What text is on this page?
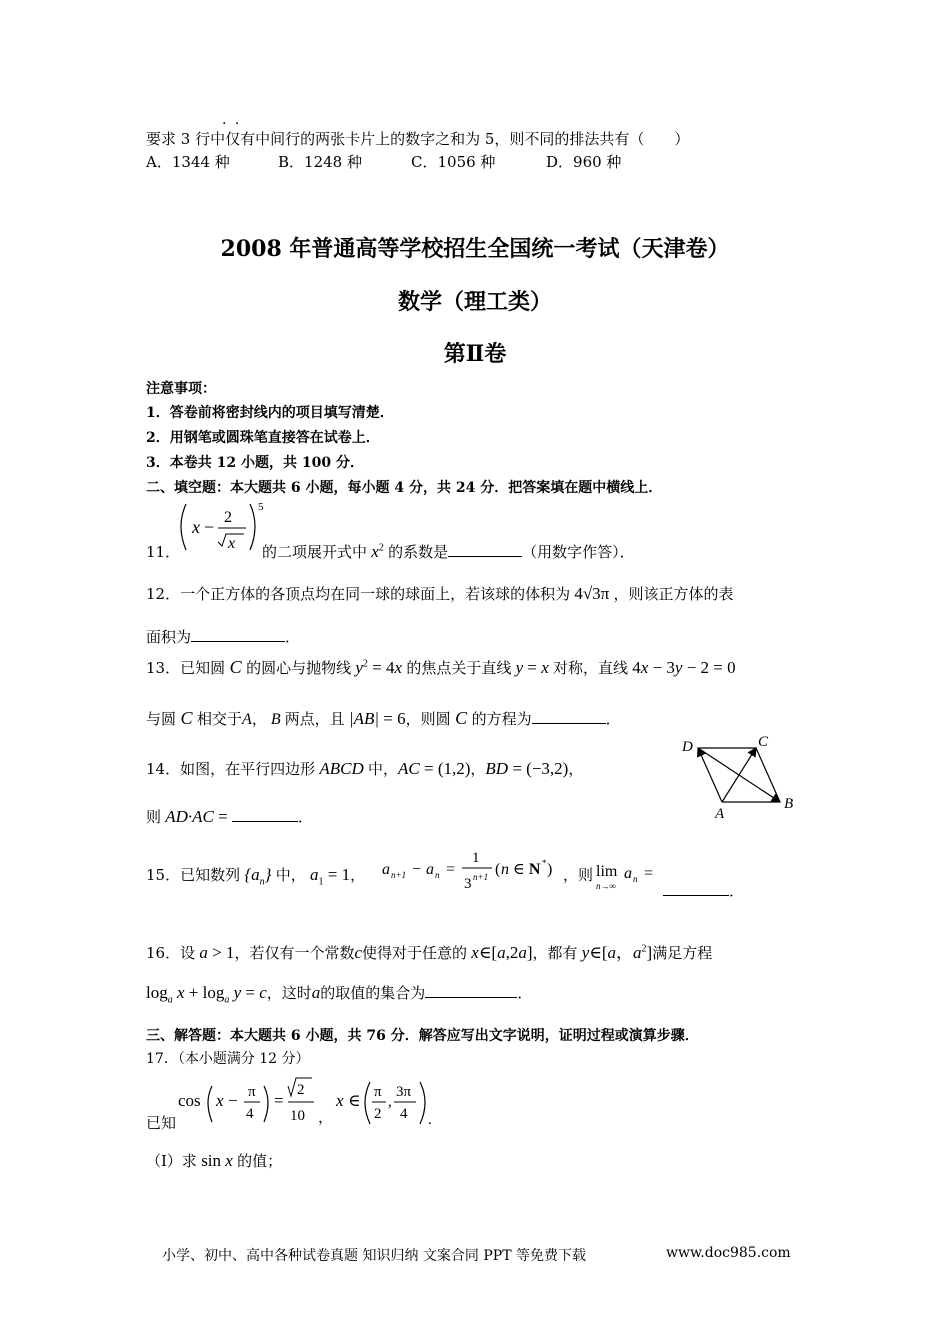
. .
要求 3 行中仅有中间行的两张卡片上的数字之和为 5，则不同的排法共有（　　）
A．1344 种	B．1248 种	C．1056 种	D．960 种
2008 年普通高等学校招生全国统一考试（天津卷）
数学（理工类）
第Ⅱ卷
注意事项：
1．答卷前将密封线内的项目填写清楚．
2．用钢笔或圆珠笔直接答在试卷上．
3．本卷共 12 小题，共 100 分．
二、填空题：本大题共 6 小题，每小题 4 分，共 24 分．把答案填在题中横线上．
11．
x − 2
x
5
的二项展开式中 $x^2$ 的系数是	（用数字作答）．
12．一个正方体的各顶点均在同一球的球面上，若该球的体积为 4√3π ，则该正方体的表
面积为	．
13．已知圆 C 的圆心与抛物线 $y^2 = 4x$ 的焦点关于直线 y = x 对称，直线 4x − 3y − 2 = 0
与圆 C 相交于A， B 两点，且 |AB| = 6，则圆 C 的方程为	．
14．如图，在平行四边形 ABCD 中，AC = (1,2)，BD = (−3,2)，
则 AD·AC =	．
D	C
A
B
15．已知数列 $\{a_n\}$ 中， $a_1 = 1$， a n+1 − a n =
1
3 n+1 ( n ∈ N * ) ，则 lim
n→∞
a n =
．
16．设 a > 1，若仅有一个常数c使得对于任意的 x∈[a,2a]，都有 y∈[a，$a^2$]满足方程
$\log_a x + \log_a y = c$，这时a的取值的集合为	．
三、解答题：本大题共 6 小题，共 76 分．解答应写出文字说明，证明过程或演算步骤．
17．（本小题满分 12 分）
已知
cos x − π
4
=
2
10 ，
x ∈ π
2
,
3π
4 .
（Ⅰ）求 sin x 的值；
小学、初中、高中各种试卷真题 知识归纳 文案合同 PPT 等免费下载	www.doc985.com
